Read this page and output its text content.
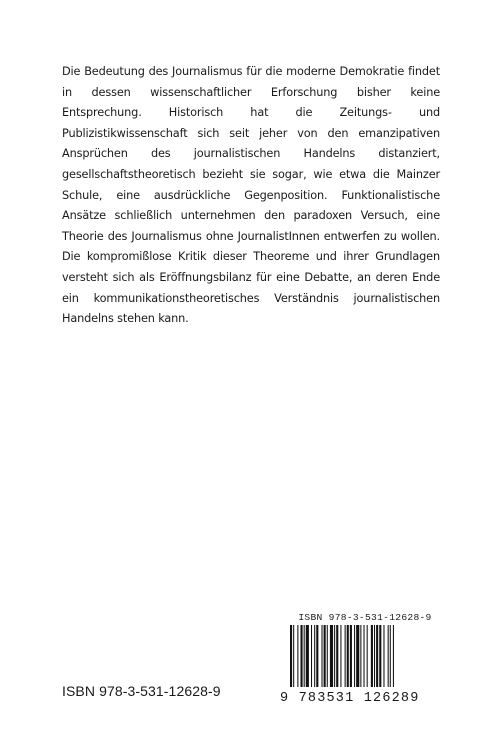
Die Bedeutung des Journalismus für die moderne Demokratie findet in dessen wissenschaftlicher Erforschung bisher keine Entsprechung. Historisch hat die Zeitungs- und Publizistikwissenschaft sich seit jeher von den emanzipativen Ansprüchen des journalistischen Handelns distanziert, gesellschaftstheoretisch bezieht sie sogar, wie etwa die Mainzer Schule, eine ausdrückliche Gegenposition. Funktionalistische Ansätze schließlich unternehmen den paradoxen Versuch, eine Theorie des Journalismus ohne JournalistInnen entwerfen zu wollen. Die kompromißlose Kritik dieser Theoreme und ihrer Grundlagen versteht sich als Eröffnungsbilanz für eine Debatte, an deren Ende ein kommunikationstheoretisches Verständnis journalistischen Handelns stehen kann.

ISBN 978-3-531-12628-9
ISBN 978-3-531-12628-9
9 783531 126289
